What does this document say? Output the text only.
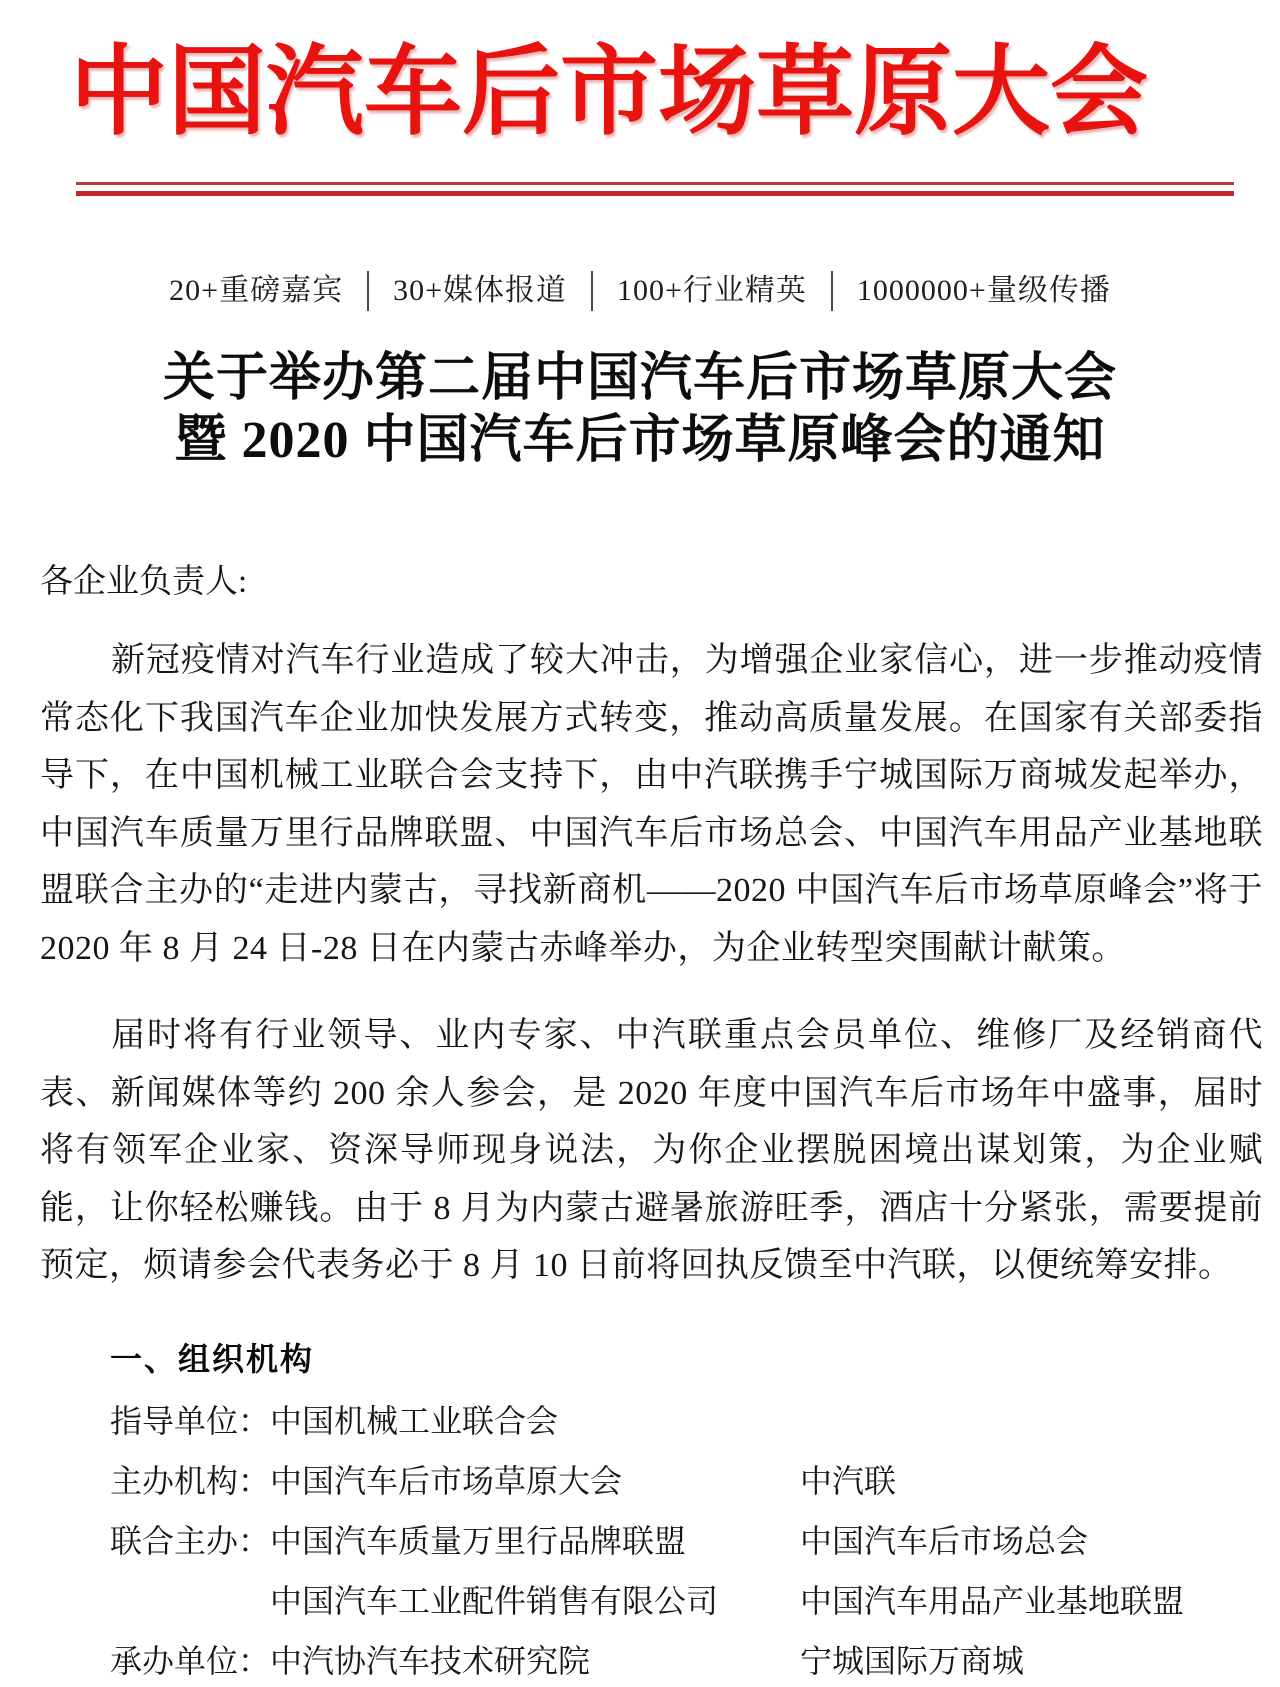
中国汽车后市场草原大会
20+重磅嘉宾	30+媒体报道	100+行业精英	1000000+量级传播
关于举办第二届中国汽车后市场草原大会
暨 2020 中国汽车后市场草原峰会的通知
各企业负责人:

新冠疫情对汽车行业造成了较大冲击，为增强企业家信心，进一步推动疫情常态化下我国汽车企业加快发展方式转变，推动高质量发展。在国家有关部委指导下，在中国机械工业联合会支持下，由中汽联携手宁城国际万商城发起举办，中国汽车质量万里行品牌联盟、中国汽车后市场总会、中国汽车用品产业基地联盟联合主办的“走进内蒙古，寻找新商机——2020 中国汽车后市场草原峰会”将于 2020 年 8 月 24 日-28 日在内蒙古赤峰举办，为企业转型突围献计献策。

届时将有行业领导、业内专家、中汽联重点会员单位、维修厂及经销商代表、新闻媒体等约 200 余人参会，是 2020 年度中国汽车后市场年中盛事，届时将有领军企业家、资深导师现身说法，为你企业摆脱困境出谋划策，为企业赋能，让你轻松赚钱。由于 8 月为内蒙古避暑旅游旺季，酒店十分紧张，需要提前预定，烦请参会代表务必于 8 月 10 日前将回执反馈至中汽联，以便统筹安排。

一、组织机构
指导单位： 中国机械工业联合会
主办机构： 中国汽车后市场草原大会	中汽联
联合主办： 中国汽车质量万里行品牌联盟	中国汽车后市场总会
中国汽车工业配件销售有限公司	中国汽车用品产业基地联盟
承办单位： 中汽协汽车技术研究院	宁城国际万商城
